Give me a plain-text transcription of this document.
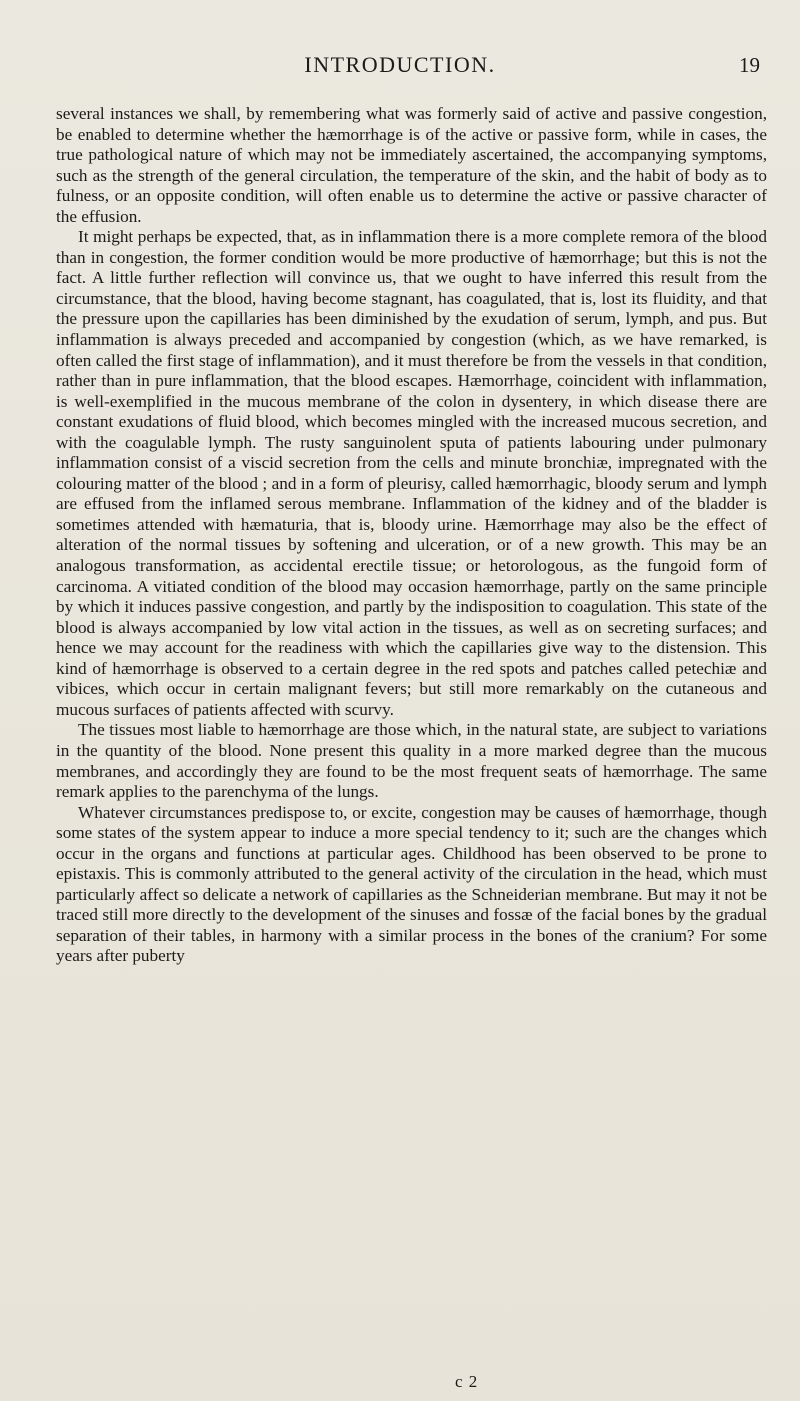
INTRODUCTION.	19

several instances we shall, by remembering what was formerly said of active and passive congestion, be enabled to determine whether the hæmorrhage is of the active or passive form, while in cases, the true pathological nature of which may not be immediately ascertained, the accompanying symptoms, such as the strength of the general circulation, the temperature of the skin, and the habit of body as to fulness, or an opposite condition, will often enable us to determine the active or passive character of the effusion.

It might perhaps be expected, that, as in inflammation there is a more complete remora of the blood than in congestion, the former condition would be more productive of hæmorrhage; but this is not the fact. A little further reflection will convince us, that we ought to have inferred this result from the circumstance, that the blood, having become stagnant, has coagulated, that is, lost its fluidity, and that the pressure upon the capillaries has been diminished by the exudation of serum, lymph, and pus. But inflammation is always preceded and accompanied by congestion (which, as we have remarked, is often called the first stage of inflammation), and it must therefore be from the vessels in that condition, rather than in pure inflammation, that the blood escapes. Hæmorrhage, coincident with inflammation, is well-exemplified in the mucous membrane of the colon in dysentery, in which disease there are constant exudations of fluid blood, which becomes mingled with the increased mucous secretion, and with the coagulable lymph. The rusty sanguinolent sputa of patients labouring under pulmonary inflammation consist of a viscid secretion from the cells and minute bronchiæ, impregnated with the colouring matter of the blood ; and in a form of pleurisy, called hæmorrhagic, bloody serum and lymph are effused from the inflamed serous membrane. Inflammation of the kidney and of the bladder is sometimes attended with hæmaturia, that is, bloody urine. Hæmorrhage may also be the effect of alteration of the normal tissues by softening and ulceration, or of a new growth. This may be an analogous transformation, as accidental erectile tissue; or hetorologous, as the fungoid form of carcinoma. A vitiated condition of the blood may occasion hæmorrhage, partly on the same principle by which it induces passive congestion, and partly by the indisposition to coagulation. This state of the blood is always accompanied by low vital action in the tissues, as well as on secreting surfaces; and hence we may account for the readiness with which the capillaries give way to the distension. This kind of hæmorrhage is observed to a certain degree in the red spots and patches called petechiæ and vibices, which occur in certain malignant fevers; but still more remarkably on the cutaneous and mucous surfaces of patients affected with scurvy.

The tissues most liable to hæmorrhage are those which, in the natural state, are subject to variations in the quantity of the blood. None present this quality in a more marked degree than the mucous membranes, and accordingly they are found to be the most frequent seats of hæmorrhage. The same remark applies to the parenchyma of the lungs.

Whatever circumstances predispose to, or excite, congestion may be causes of hæmorrhage, though some states of the system appear to induce a more special tendency to it; such are the changes which occur in the organs and functions at particular ages. Childhood has been observed to be prone to epistaxis. This is commonly attributed to the general activity of the circulation in the head, which must particularly affect so delicate a network of capillaries as the Schneiderian membrane. But may it not be traced still more directly to the development of the sinuses and fossæ of the facial bones by the gradual separation of their tables, in harmony with a similar process in the bones of the cranium? For some years after puberty

c 2
